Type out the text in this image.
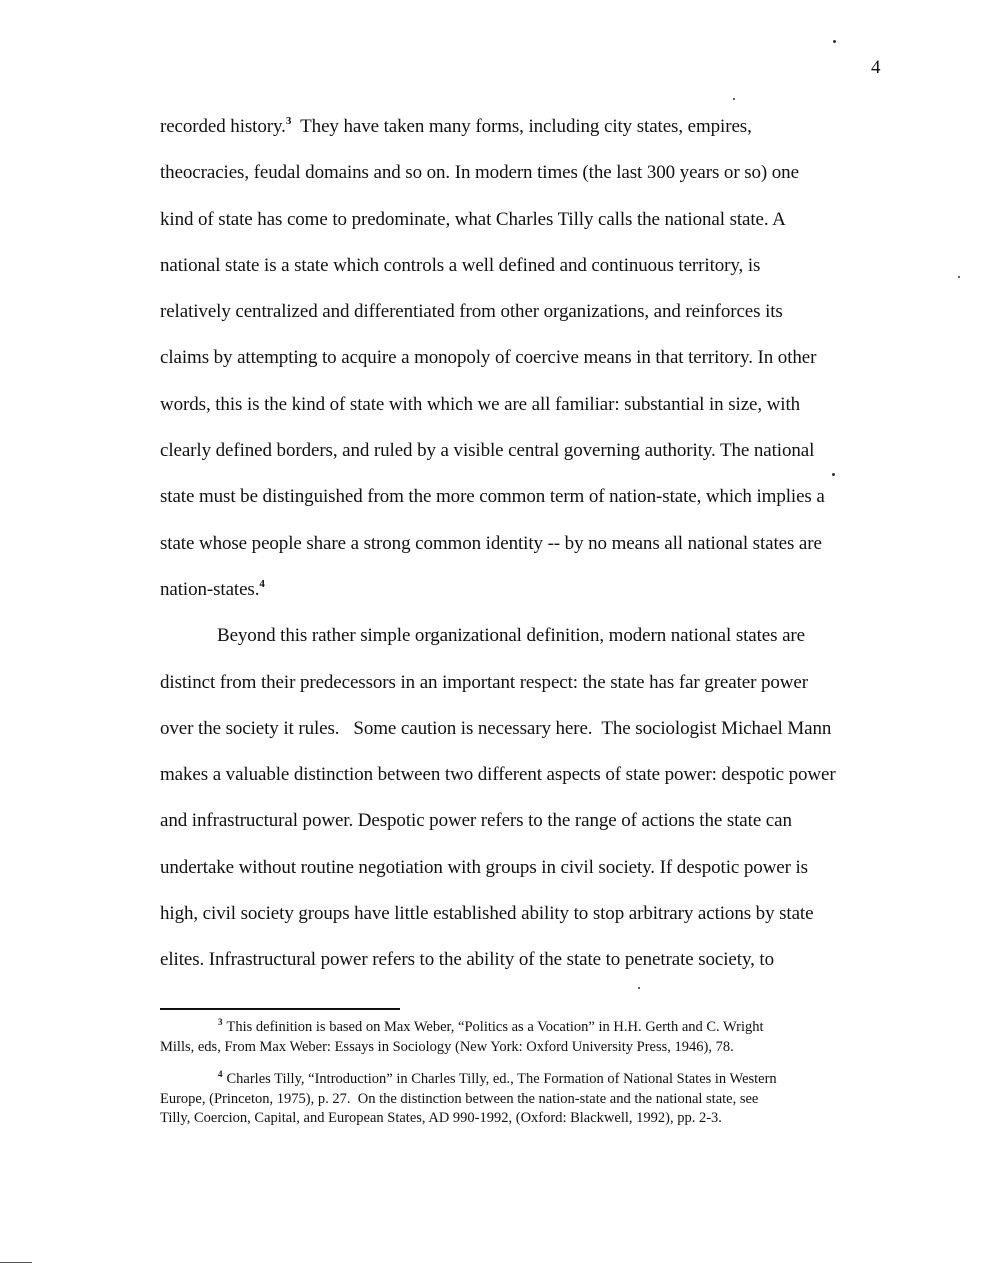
4

recorded history.$^3$  They have taken many forms, including city states, empires,
theocracies, feudal domains and so on. In modern times (the last 300 years or so) one
kind of state has come to predominate, what Charles Tilly calls the national state. A
national state is a state which controls a well defined and continuous territory, is
relatively centralized and differentiated from other organizations, and reinforces its
claims by attempting to acquire a monopoly of coercive means in that territory. In other
words, this is the kind of state with which we are all familiar: substantial in size, with
clearly defined borders, and ruled by a visible central governing authority. The national
state must be distinguished from the more common term of nation-state, which implies a
state whose people share a strong common identity -- by no means all national states are
nation-states.$^4$

Beyond this rather simple organizational definition, modern national states are

distinct from their predecessors in an important respect: the state has far greater power
over the society it rules.   Some caution is necessary here.  The sociologist Michael Mann
makes a valuable distinction between two different aspects of state power: despotic power
and infrastructural power. Despotic power refers to the range of actions the state can
undertake without routine negotiation with groups in civil society. If despotic power is
high, civil society groups have little established ability to stop arbitrary actions by state
elites. Infrastructural power refers to the ability of the state to penetrate society, to

$^3$ This definition is based on Max Weber, “Politics as a Vocation” in H.H. Gerth and C. Wright
Mills, eds, From Max Weber: Essays in Sociology (New York: Oxford University Press, 1946), 78.
$^4$ Charles Tilly, “Introduction” in Charles Tilly, ed., The Formation of National States in Western
Europe, (Princeton, 1975), p. 27.  On the distinction between the nation-state and the national state, see
Tilly, Coercion, Capital, and European States, AD 990-1992, (Oxford: Blackwell, 1992), pp. 2-3.
